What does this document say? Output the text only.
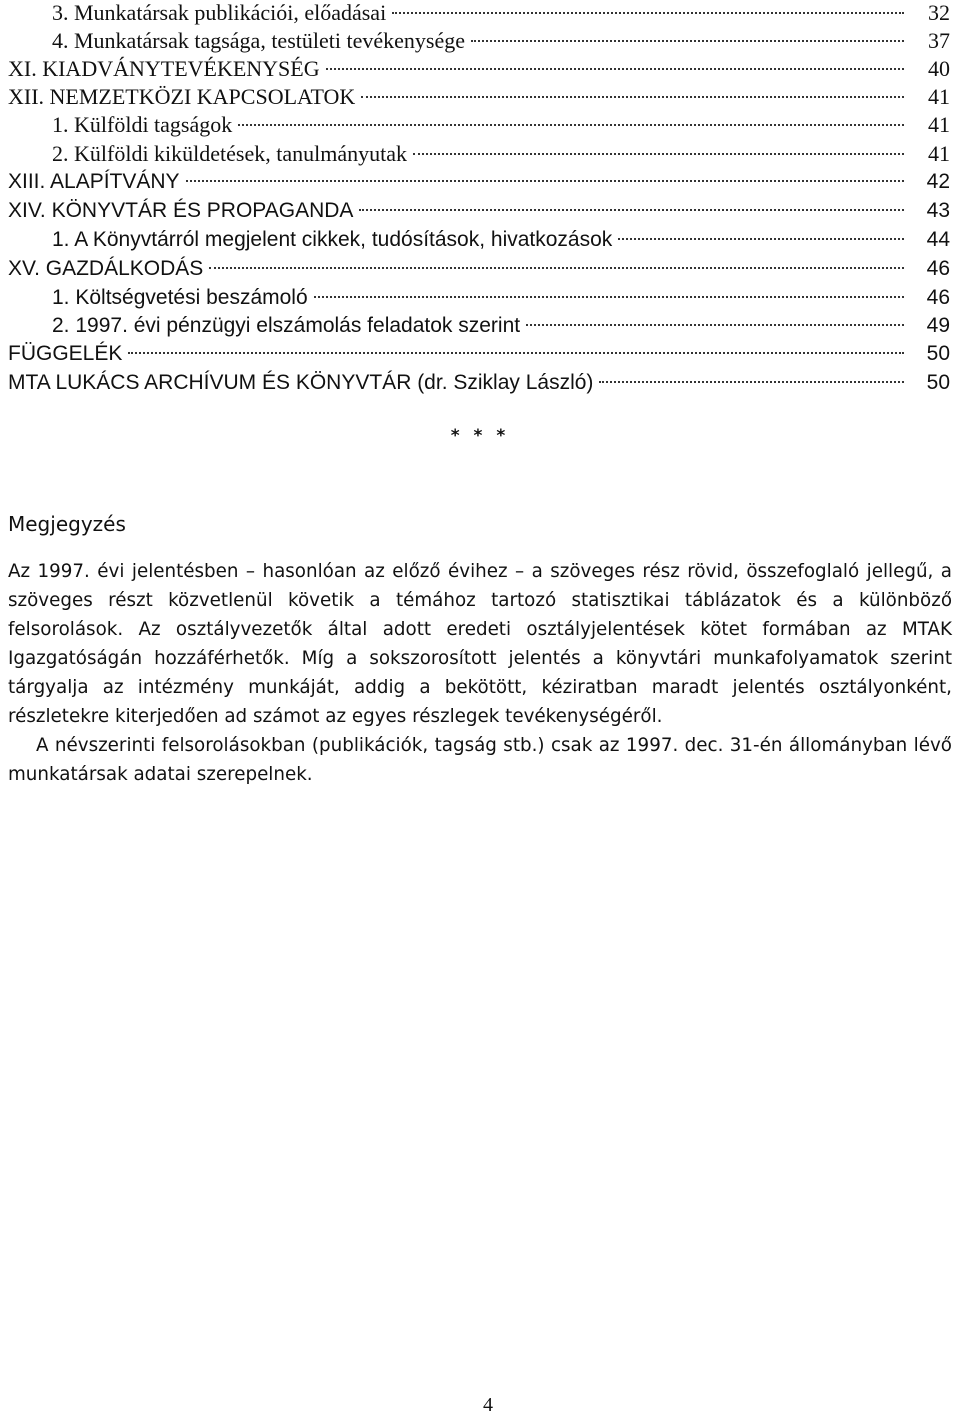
3. Munkatársak publikációi, előadásai	32
4. Munkatársak tagsága, testületi tevékenysége	37
XI. KIADVÁNYTEVÉKENYSÉG	40
XII. NEMZETKÖZI KAPCSOLATOK	41
1. Külföldi tagságok	41
2. Külföldi kiküldetések, tanulmányutak	41
XIII. ALAPÍTVÁNY	42
XIV. KÖNYVTÁR ÉS PROPAGANDA	43
1. A Könyvtárról megjelent cikkek, tudósítások, hivatkozások	44
XV. GAZDÁLKODÁS	46
1. Költségvetési beszámoló	46
2. 1997. évi pénzügyi elszámolás feladatok szerint	49
FÜGGELÉK	50
MTA LUKÁCS ARCHÍVUM ÉS KÖNYVTÁR (dr. Sziklay László)	50
* * *
Megjegyzés

Az 1997. évi jelentésben – hasonlóan az előző évihez – a szöveges rész rövid, összefoglaló jellegű, a szöveges részt közvetlenül követik a témához tartozó statisztikai táblázatok és a különböző felsorolások. Az osztályvezetők által adott eredeti osztályjelentések kötet formában az MTAK Igazgatóságán hozzáférhetők. Míg a sokszorosított jelentés a könyvtári munkafolyamatok szerint tárgyalja az intézmény munkáját, addig a bekötött, kéziratban maradt jelentés osztályonként, részletekre kiterjedően ad számot az egyes részlegek tevékenységéről.

A névszerinti felsorolásokban (publikációk, tagság stb.) csak az 1997. dec. 31-én állományban lévő munkatársak adatai szerepelnek.

4
